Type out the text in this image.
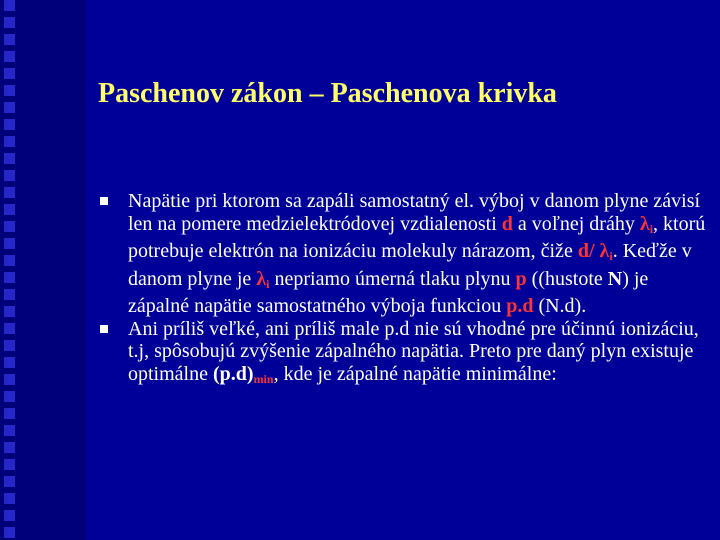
Paschenov zákon – Paschenova krivka
Napätie pri ktorom sa zapáli samostatný el. výboj v danom plyne závisí len na pomere medzielektródovej vzdialenosti d a voľnej dráhy $\lambda_i$, ktorú potrebuje elektrón na ionizáciu molekuly nárazom, čiže d/ $\lambda_i$. Keďže v danom plyne je $\lambda_i$ nepriamo úmerná tlaku plynu p ((hustote N) je zápalné napätie samostatného výboja funkciou p.d (N.d).
Ani príliš veľké, ani príliš male p.d nie sú vhodné pre účinnú ionizáciu, t.j, spôsobujú zvýšenie zápalného napätia. Preto pre daný plyn existuje optimálne $(p.d)_{min}$, kde je zápalné napätie minimálne:
